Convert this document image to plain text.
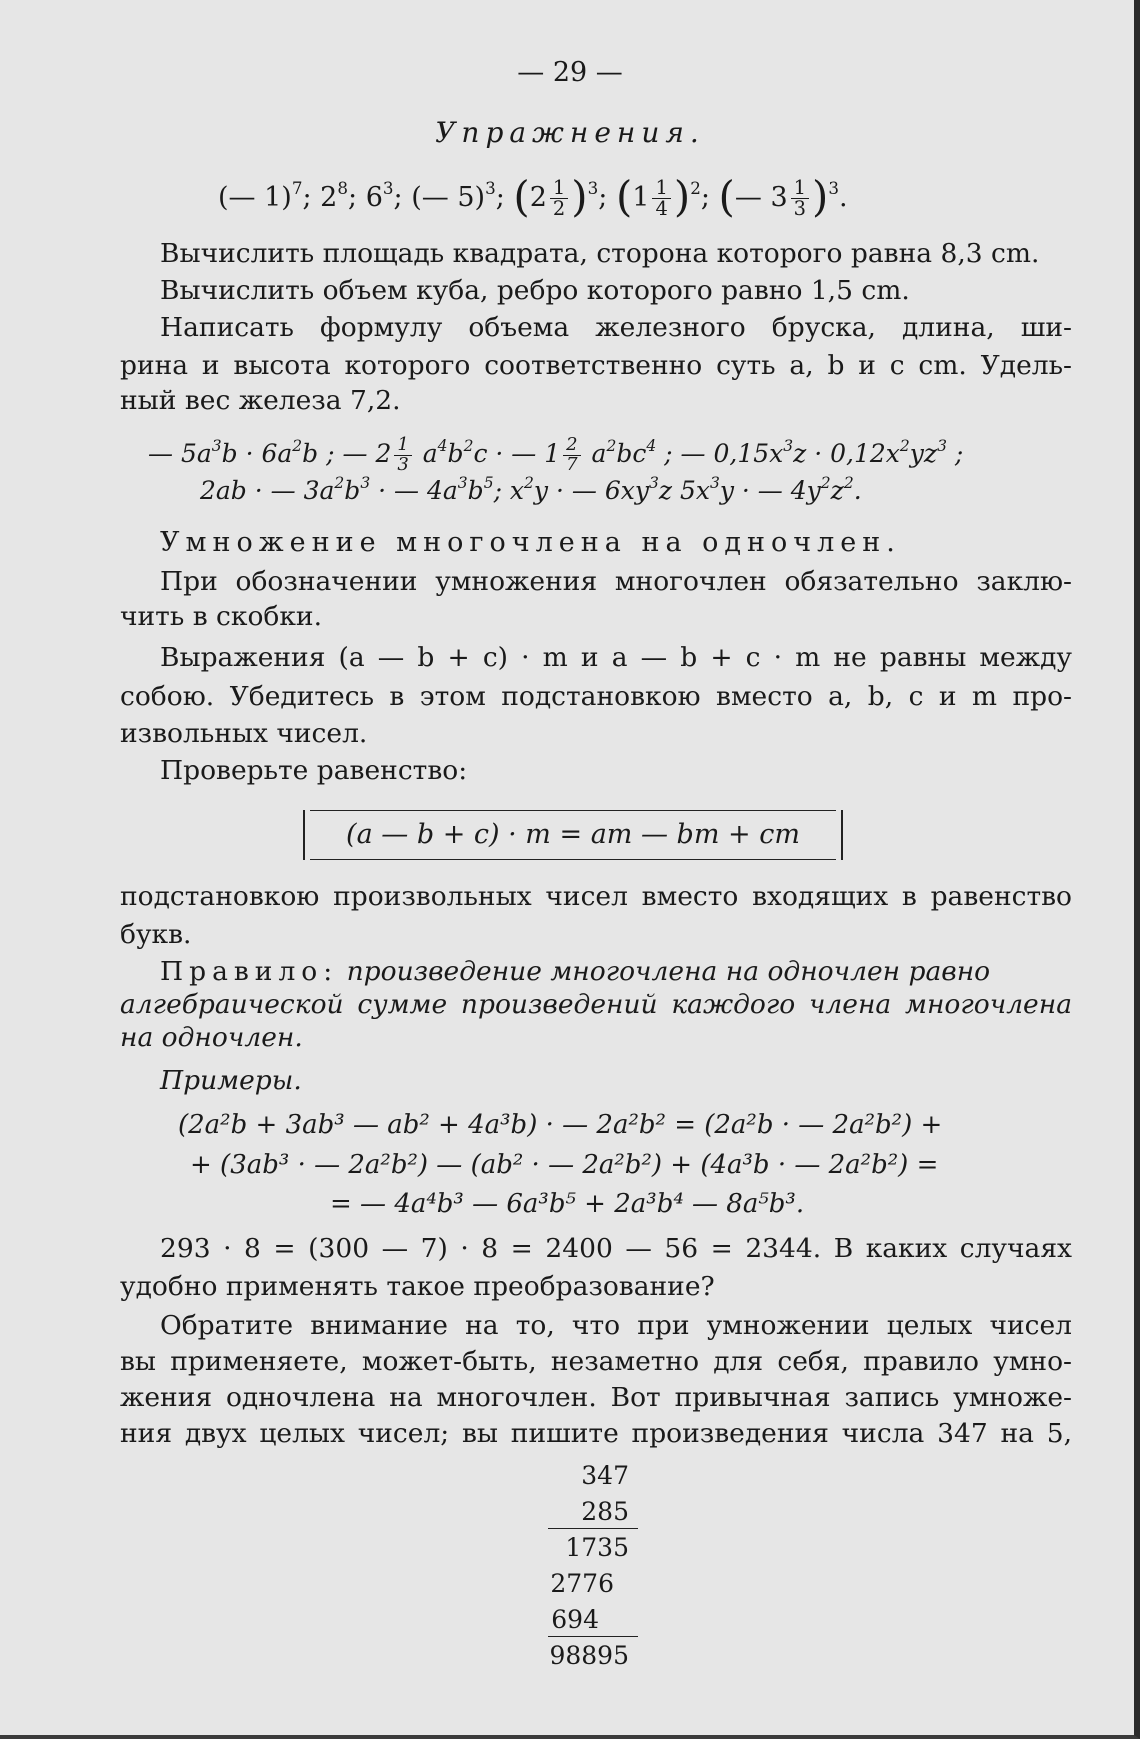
— 29 —
Упражнения.
(— 1)$^7$; $2^8$; $6^3$; (— 5)$^3$; $(2 \frac{1}{2} )^3$; $(1 \frac{1}{4} )^2$; (— $3 \frac{1}{3} )^3$.
Вычислить площадь квадрата, сторона которого равна 8,3 cm.
Вычислить объем куба, ребро которого равно 1,5 cm.
Написать формулу объема железного бруска, длина, ши-
рина и высота которого соответственно суть a, b и c cm. Удель-
ный вес железа 7,2.
— $5a^3b \cdot 6a^2b$ ; — $2 \frac{1}{3} a^4b^2c$ · — $1 \frac{2}{7} a^2bc^4$ ; — $0,15x^3z \cdot 0,12x^2yz^3$ ;
2ab · — $3a^2b^3$ · — $4a^3b^5$; $x^2y$ · — $6xy^3z$ $5x^3y$ · — $4y^2z^2$.
Умножение многочлена на одночлен.
При обозначении умножения многочлен обязательно заклю-
чить в скобки.
Выражения (a — b + c) · m и a — b + c · m не равны между
собою. Убедитесь в этом подстановкою вместо a, b, c и m про-
извольных чисел.
Проверьте равенство:
(a — b + c) · m = am — bm + cm
подстановкою произвольных чисел вместо входящих в равенство
букв.
Правило: произведение многочлена на одночлен равно
алгебраической сумме произведений каждого члена многочлена
на одночлен.
Примеры.
(2a²b + 3ab³ — ab² + 4a³b) · — 2a²b² = (2a²b · — 2a²b²) +
+ (3ab³ · — 2a²b²) — (ab² · — 2a²b²) + (4a³b · — 2a²b²) =
= — 4a⁴b³ — 6a³b⁵ + 2a³b⁴ — 8a⁵b³.
293 · 8 = (300 — 7) · 8 = 2400 — 56 = 2344. В каких случаях
удобно применять такое преобразование?
Обратите внимание на то, что при умножении целых чисел
вы применяете, может-быть, незаметно для себя, правило умно-
жения одночлена на многочлен. Вот привычная запись умноже-
ния двух целых чисел; вы пишите произведения числа 347 на 5,
347
285
1735
2776
694
98895
